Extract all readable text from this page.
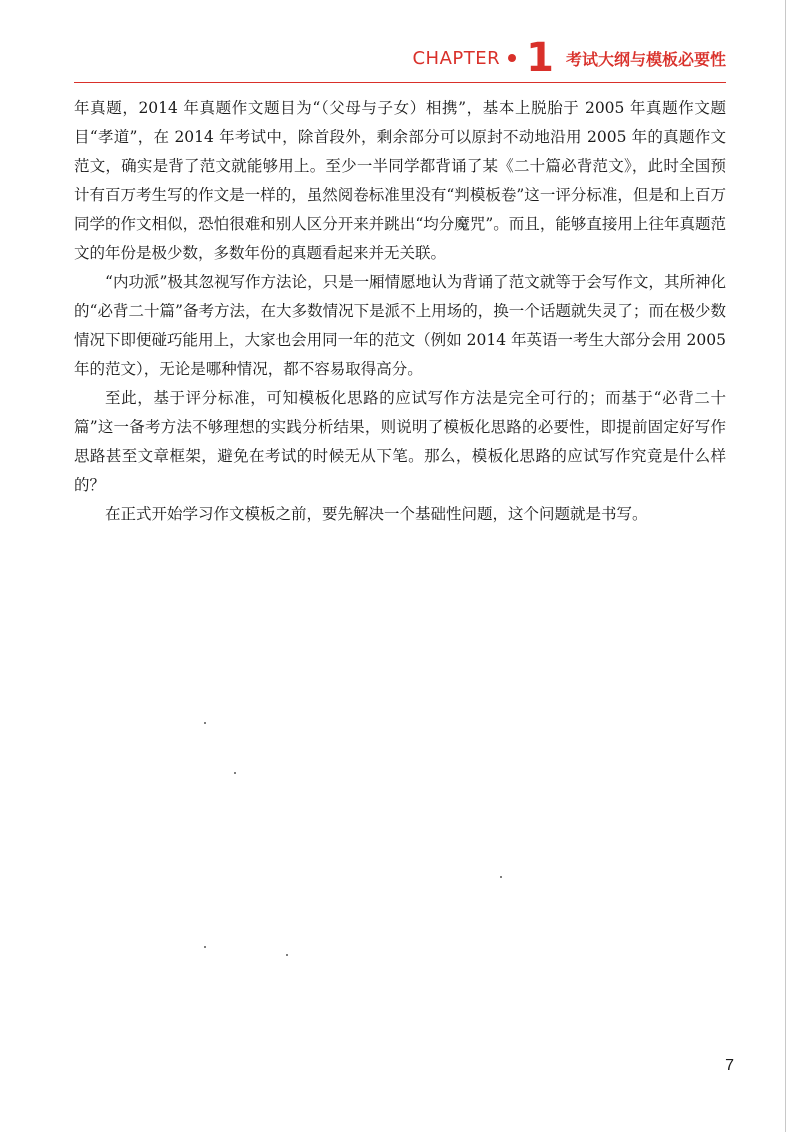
CHAPTER 1 考试大纲与模板必要性

年真题，2014 年真题作文题目为“（父母与子女）相携”，基本上脱胎于 2005 年真题作文题目“孝道”，在 2014 年考试中，除首段外，剩余部分可以原封不动地沿用 2005 年的真题作文范文，确实是背了范文就能够用上。至少一半同学都背诵了某《二十篇必背范文》，此时全国预计有百万考生写的作文是一样的，虽然阅卷标准里没有“判模板卷”这一评分标准，但是和上百万同学的作文相似，恐怕很难和别人区分开来并跳出“均分魔咒”。而且，能够直接用上往年真题范文的年份是极少数，多数年份的真题看起来并无关联。

“内功派”极其忽视写作方法论，只是一厢情愿地认为背诵了范文就等于会写作文，其所神化的“必背二十篇”备考方法，在大多数情况下是派不上用场的，换一个话题就失灵了；而在极少数情况下即便碰巧能用上，大家也会用同一年的范文（例如 2014 年英语一考生大部分会用 2005 年的范文），无论是哪种情况，都不容易取得高分。

至此，基于评分标准，可知模板化思路的应试写作方法是完全可行的；而基于“必背二十篇”这一备考方法不够理想的实践分析结果，则说明了模板化思路的必要性，即提前固定好写作思路甚至文章框架，避免在考试的时候无从下笔。那么，模板化思路的应试写作究竟是什么样的？

在正式开始学习作文模板之前，要先解决一个基础性问题，这个问题就是书写。

7
